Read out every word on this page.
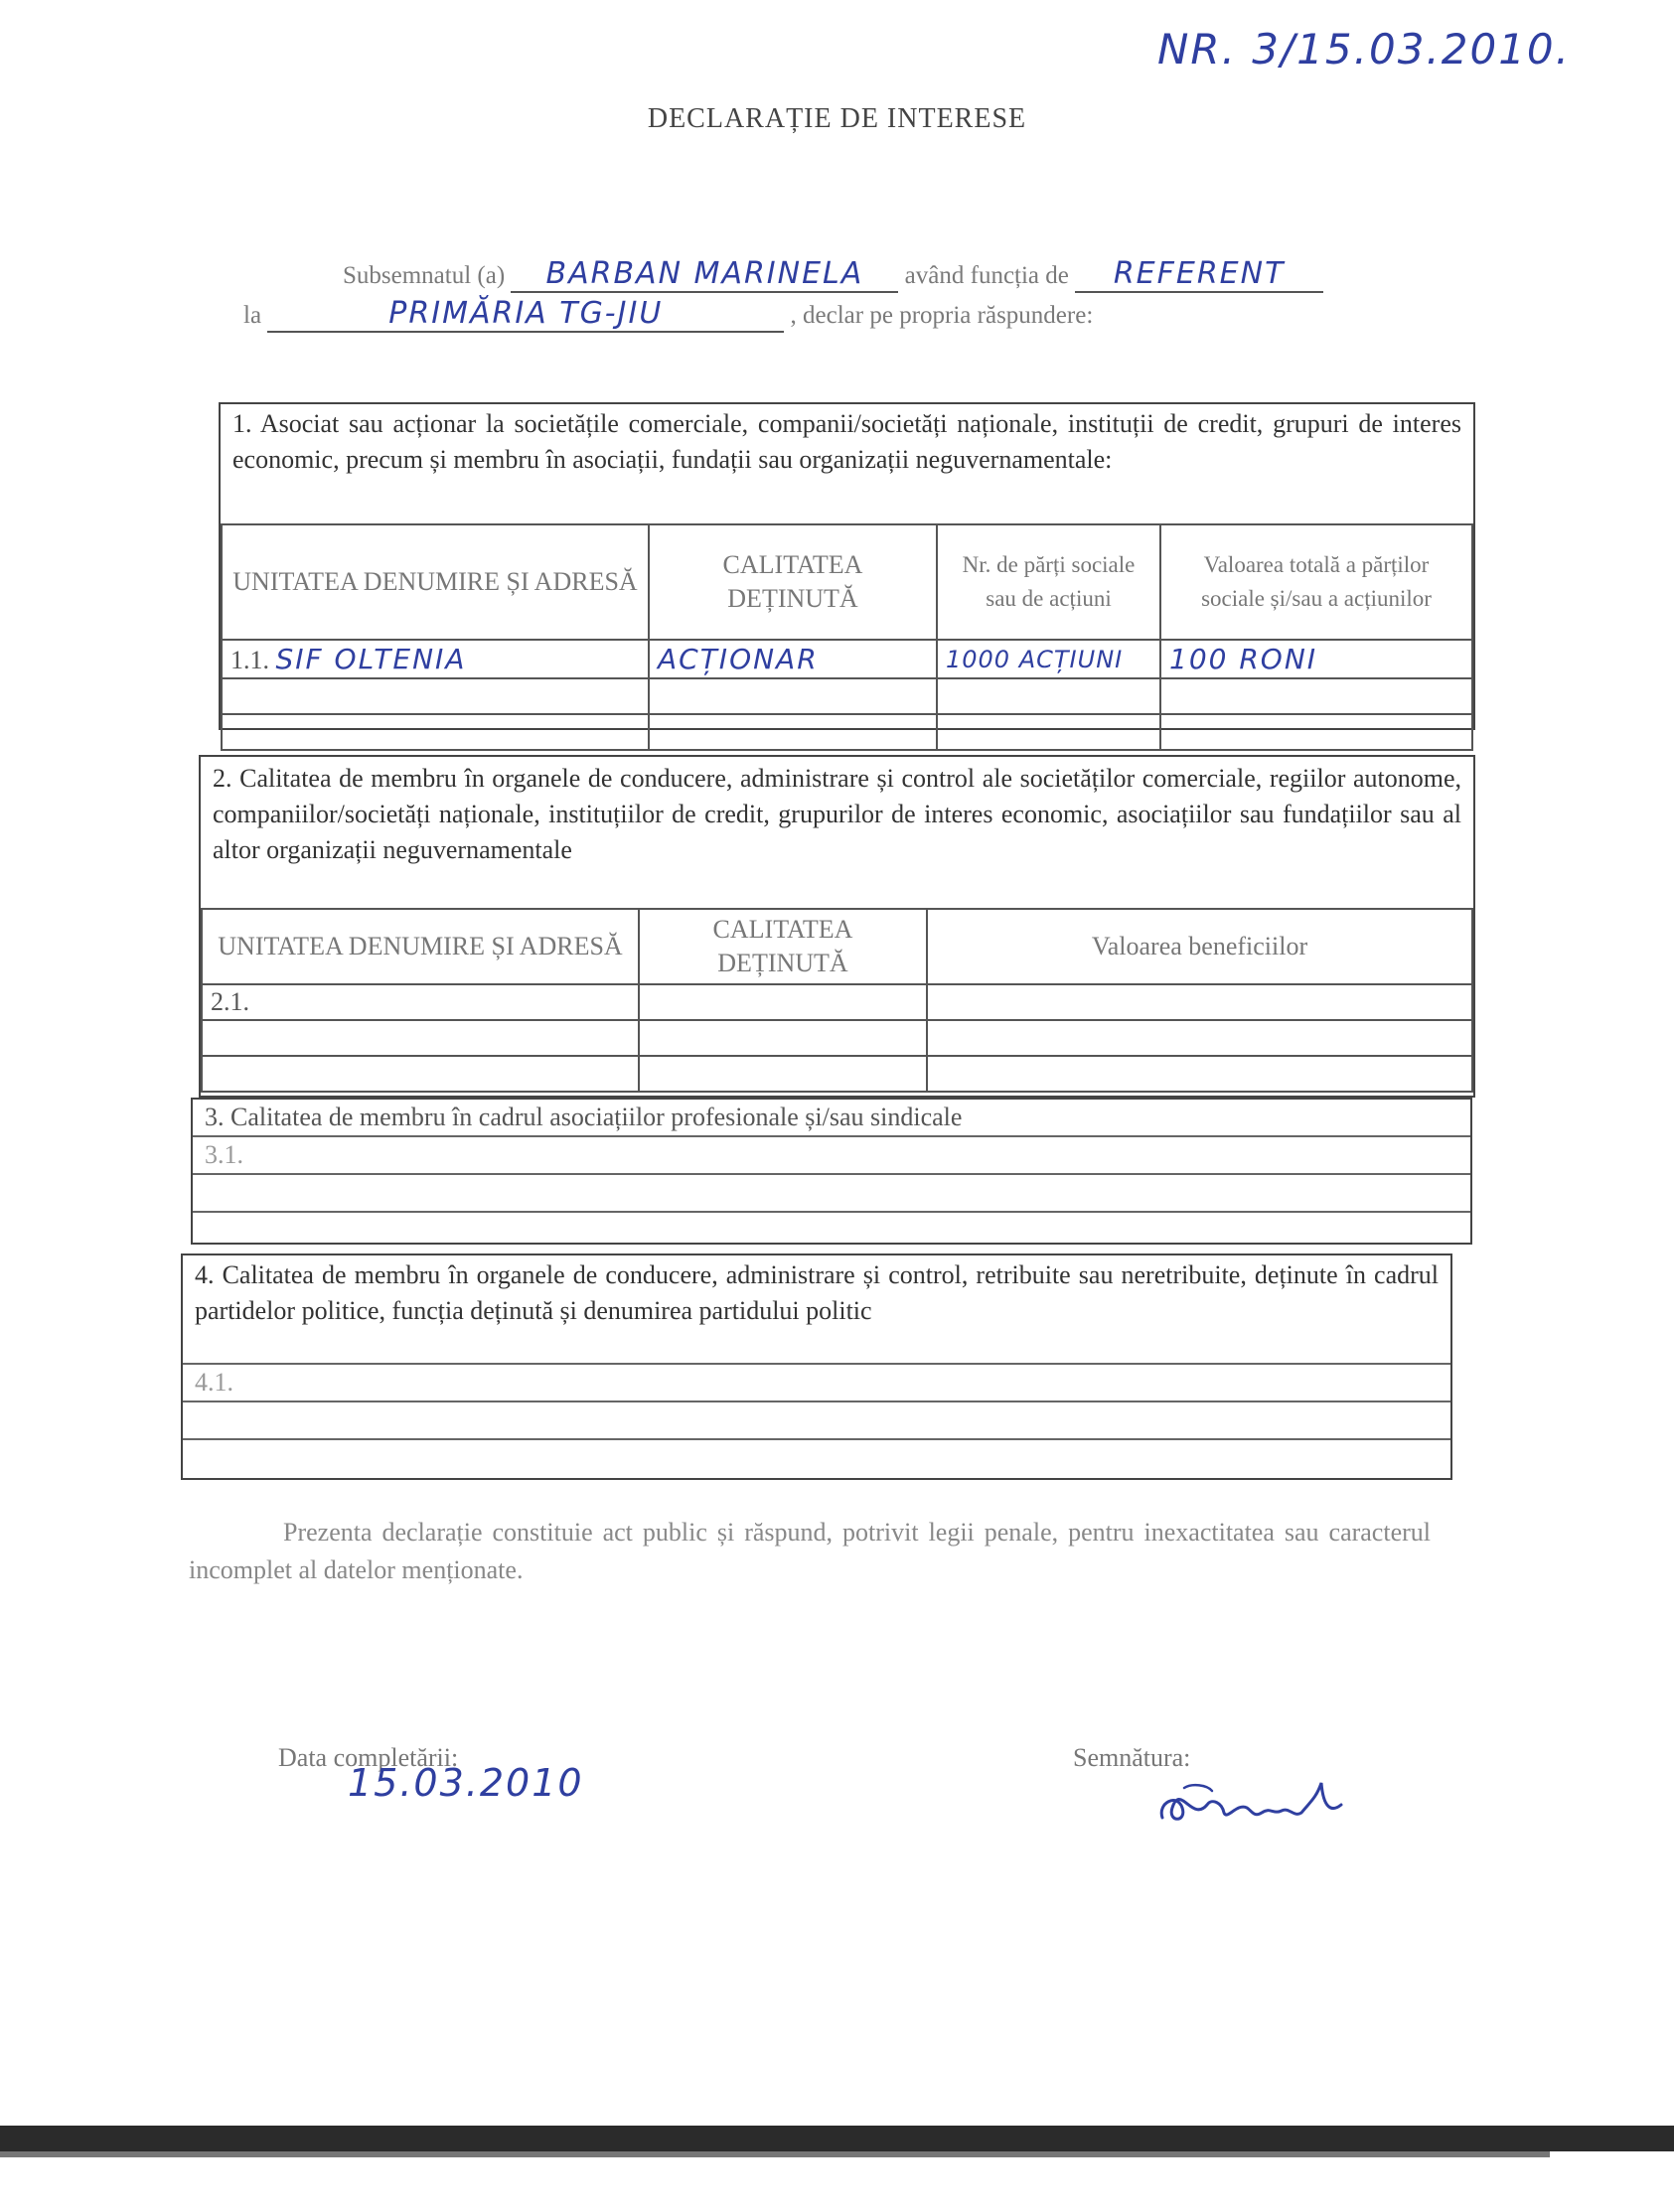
NR. 3/15.03.2010.
DECLARAȚIE DE INTERESE
Subsemnatul (a) BARBAN MARINELA având funcția de REFERENT
la	PRIMĂRIA TG-JIU	, declar pe propria răspundere:
1. Asociat sau acționar la societățile comerciale, companii/societăți naționale, instituții de credit, grupuri de interes economic, precum și membru în asociații, fundații sau organizații neguvernamentale:
UNITATEA DENUMIRE ȘI ADRESĂ	CALITATEA DEȚINUTĂ	Nr. de părți sociale sau de acțiuni	Valoarea totală a părților sociale și/sau a acțiunilor
1.1. SIF OLTENIA	ACȚIONAR	1000 ACȚIUNI	100 RONI

2. Calitatea de membru în organele de conducere, administrare și control ale societăților comerciale, regiilor autonome, companiilor/societăți naționale, instituțiilor de credit, grupurilor de interes economic, asociațiilor sau fundațiilor sau al altor organizații neguvernamentale
UNITATEA DENUMIRE ȘI ADRESĂ	CALITATEA DEȚINUTĂ	Valoarea beneficiilor
2.1.		

3. Calitatea de membru în cadrul asociațiilor profesionale și/sau sindicale
3.1.
4. Calitatea de membru în organele de conducere, administrare și control, retribuite sau neretribuite, deținute în cadrul partidelor politice, funcția deținută și denumirea partidului politic
4.1.
Prezenta declarație constituie act public și răspund, potrivit legii penale, pentru inexactitatea sau caracterul incomplet al datelor menționate.
Data completării:
15.03.2010
Semnătura:
